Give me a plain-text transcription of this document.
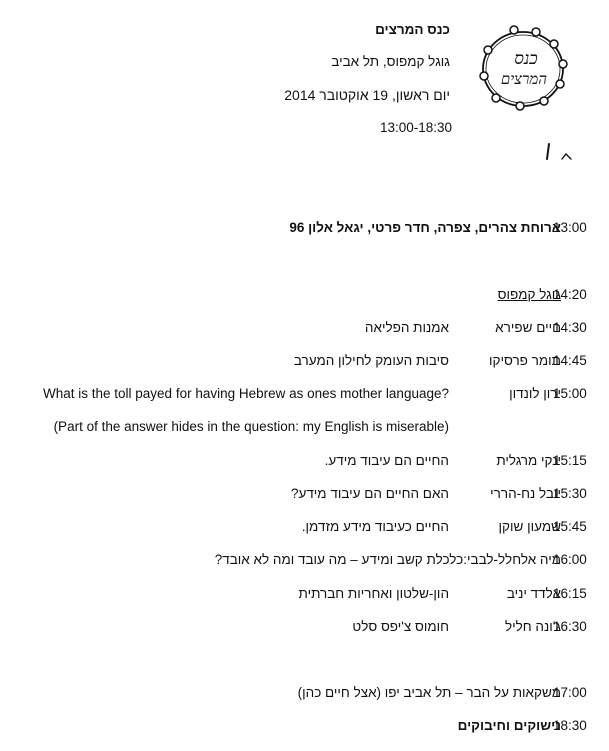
כנס המרצים
גוגל קמפוס, תל אביב
יום ראשון, 19 אוקטובר 2014
13:00-18:30
כנס
המרצים
13:00
ארוחת צהרים, צפרה, חדר פרטי, יגאל אלון 96
14:20
גוגל קמפוס
14:30
חיים שפירא
אמנות הפליאה
14:45
תומר פרסיקו
סיבות העומק לחילון המערב
15:00
ירון לונדון
What is the toll payed for having Hebrew as ones mother language?
(Part of the answer hides in the question: my English is miserable)
15:15
ינקי מרגלית
החיים הם עיבוד מידע.
15:30
יובל נח-הררי
האם החיים הם עיבוד מידע?
15:45
שמעון שוקן
החיים כעיבוד מידע מזדמן.
16:00
מיה אלחלל-לבבי:כלכלת קשב ומידע – מה עובד ומה לא אובד?
16:15
אלדד יניב
הון-שלטון ואחריות חברתית
16:30
ג'ונה חליל
חומוס צ'יפס סלט
17:00
משקאות על הבר – תל אביב יפו (אצל חיים כהן)
18:30
נישוקים וחיבוקים
